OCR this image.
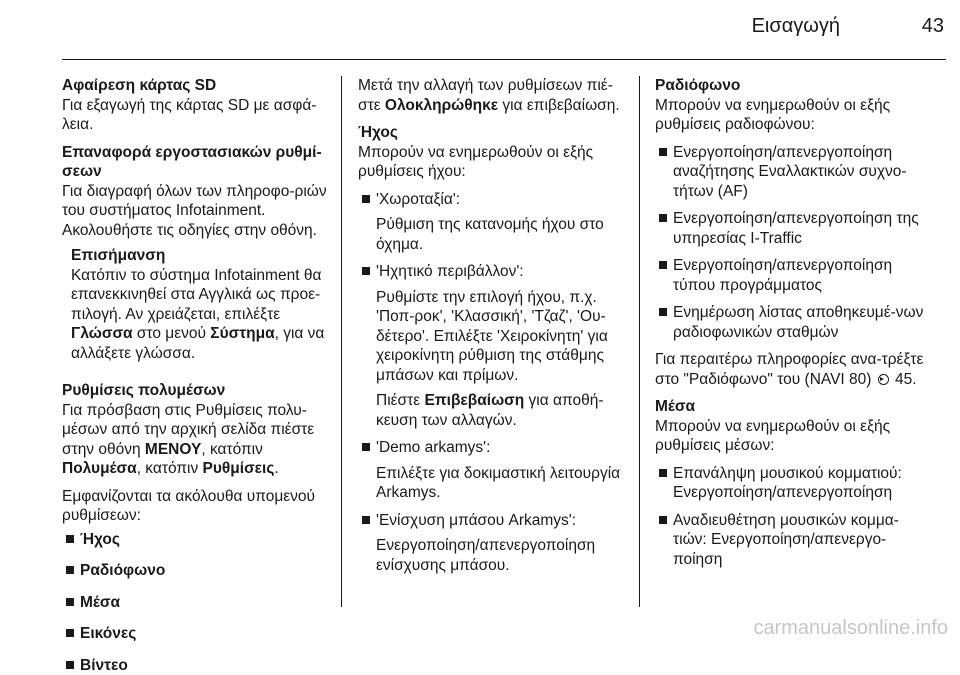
Εισαγωγή	43
Αφαίρεση κάρτας SD

Για εξαγωγή της κάρτας SD με ασφά-λεια.

Επαναφορά εργοστασιακών ρυθμί-σεων

Για διαγραφή όλων των πληροφο-ριών του συστήματος Infotainment. Ακολουθήστε τις οδηγίες στην οθόνη.

Επισήμανση

Κατόπιν το σύστημα Infotainment θα επανεκκινηθεί στα Αγγλικά ως προε-πιλογή. Αν χρειάζεται, επιλέξτε Γλώσσα στο μενού Σύστημα, για να αλλάξετε γλώσσα.

Ρυθμίσεις πολυμέσων

Για πρόσβαση στις Ρυθμίσεις πολυ-μέσων από την αρχική σελίδα πιέστε στην οθόνη ΜΕΝΟΥ, κατόπιν Πολυμέσα, κατόπιν Ρυθμίσεις.

Εμφανίζονται τα ακόλουθα υπομενού ρυθμίσεων:

Ήχος
Ραδιόφωνο
Μέσα
Εικόνες
Βίντεο

Μετά την αλλαγή των ρυθμίσεων πιέ-στε Ολοκληρώθηκε για επιβεβαίωση.

Ήχος

Μπορούν να ενημερωθούν οι εξής ρυθμίσεις ήχου:

'Χωροταξία':

Ρύθμιση της κατανομής ήχου στο όχημα.

'Ηχητικό περιβάλλον':

Ρυθμίστε την επιλογή ήχου, π.χ. 'Ποπ-ροκ', 'Κλασσική', 'Τζαζ', 'Ου-δέτερο'. Επιλέξτε 'Χειροκίνητη' για χειροκίνητη ρύθμιση της στάθμης μπάσων και πρίμων.

Πιέστε Επιβεβαίωση για αποθή-κευση των αλλαγών.

'Demo arkamys':

Επιλέξτε για δοκιμαστική λειτουργία Arkamys.

'Ενίσχυση μπάσου Arkamys':

Ενεργοποίηση/απενεργοποίηση ενίσχυσης μπάσου.

Ραδιόφωνο

Μπορούν να ενημερωθούν οι εξής ρυθμίσεις ραδιοφώνου:

Ενεργοποίηση/απενεργοποίηση αναζήτησης Εναλλακτικών συχνο-τήτων (AF)
Ενεργοποίηση/απενεργοποίηση της υπηρεσίας I-Traffic
Ενεργοποίηση/απενεργοποίηση τύπου προγράμματος
Ενημέρωση λίστας αποθηκευμέ-νων ραδιοφωνικών σταθμών

Για περαιτέρω πληροφορίες ανα-τρέξτε στο "Ραδιόφωνο" του (NAVI 80)  45.

Μέσα

Μπορούν να ενημερωθούν οι εξής ρυθμίσεις μέσων:

Επανάληψη μουσικού κομματιού: Ενεργοποίηση/απενεργοποίηση
Αναδιευθέτηση μουσικών κομμα-τιών: Ενεργοποίηση/απενεργο-ποίηση
carmanualsonline.info
